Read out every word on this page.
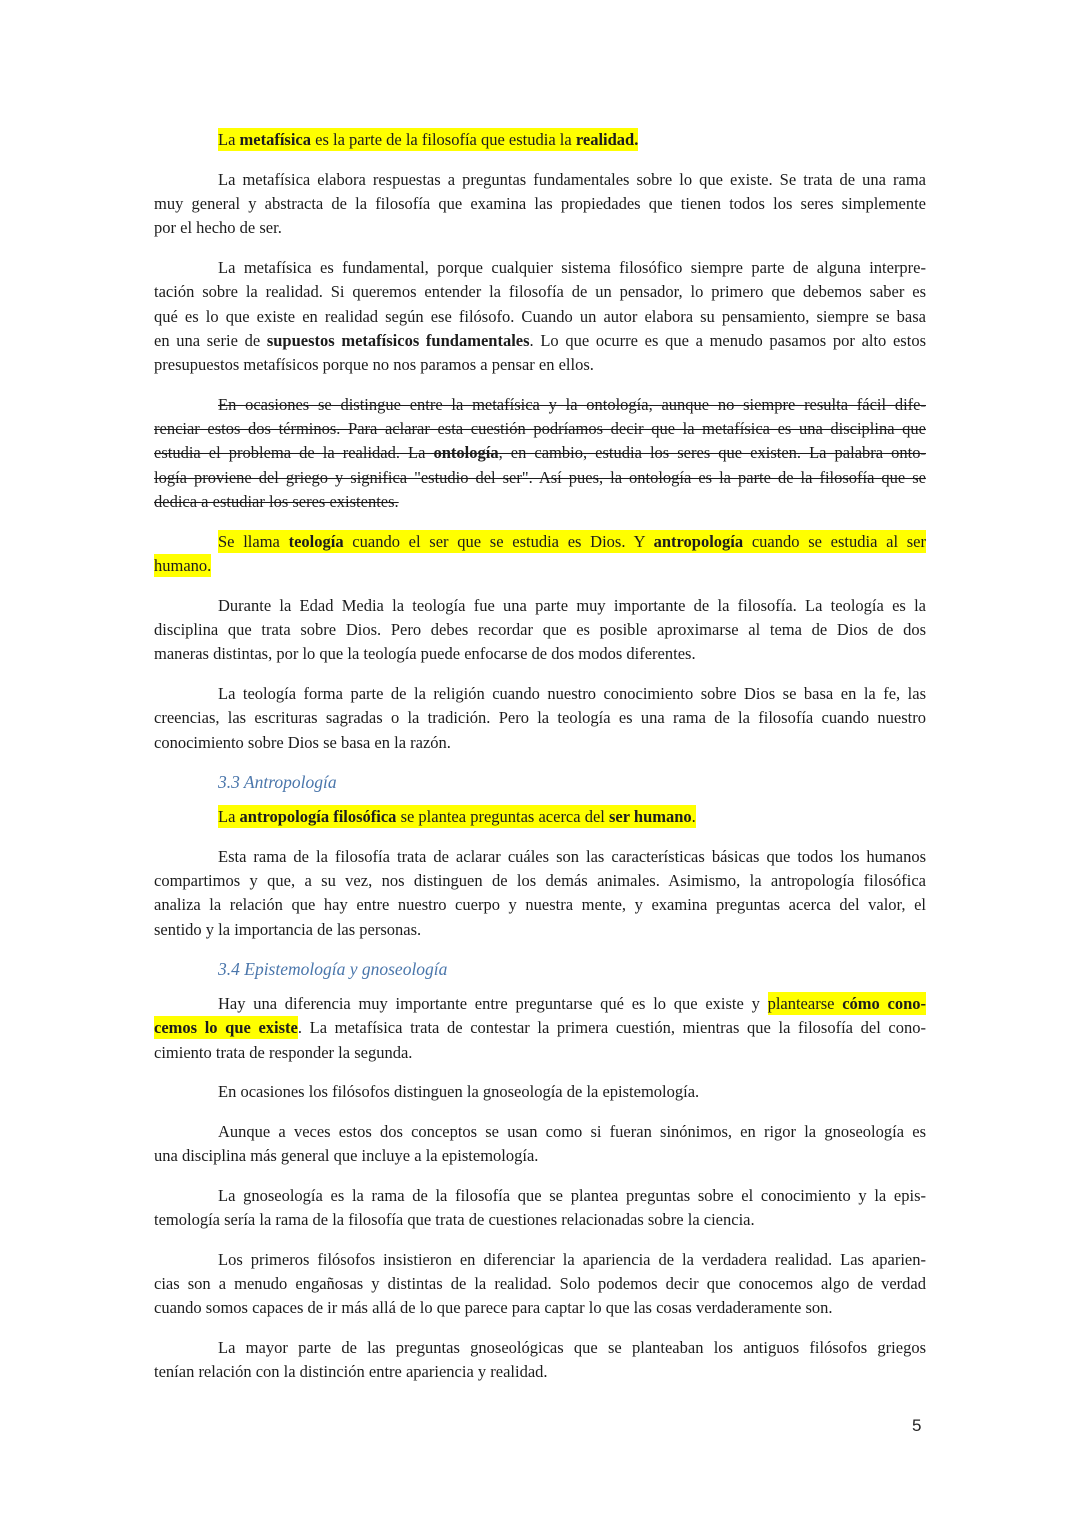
La metafísica es la parte de la filosofía que estudia la realidad.
La metafísica elabora respuestas a preguntas fundamentales sobre lo que existe. Se trata de una rama
muy general y abstracta de la filosofía que examina las propiedades que tienen todos los seres simplemente
por el hecho de ser.
La metafísica es fundamental, porque cualquier sistema filosófico siempre parte de alguna interpre-
tación sobre la realidad. Si queremos entender la filosofía de un pensador, lo primero que debemos saber es
qué es lo que existe en realidad según ese filósofo. Cuando un autor elabora su pensamiento, siempre se basa
en una serie de supuestos metafísicos fundamentales. Lo que ocurre es que a menudo pasamos por alto estos
presupuestos metafísicos porque no nos paramos a pensar en ellos.
En ocasiones se distingue entre la metafísica y la ontología, aunque no siempre resulta fácil dife-
renciar estos dos términos. Para aclarar esta cuestión podríamos decir que la metafísica es una disciplina que
estudia el problema de la realidad. La ontología, en cambio, estudia los seres que existen. La palabra onto-
logía proviene del griego y significa "estudio del ser". Así pues, la ontología es la parte de la filosofía que se
dedica a estudiar los seres existentes.
Se llama teología cuando el ser que se estudia es Dios. Y antropología cuando se estudia al ser
humano.
Durante la Edad Media la teología fue una parte muy importante de la filosofía. La teología es la
disciplina que trata sobre Dios. Pero debes recordar que es posible aproximarse al tema de Dios de dos
maneras distintas, por lo que la teología puede enfocarse de dos modos diferentes.
La teología forma parte de la religión cuando nuestro conocimiento sobre Dios se basa en la fe, las
creencias, las escrituras sagradas o la tradición. Pero la teología es una rama de la filosofía cuando nuestro
conocimiento sobre Dios se basa en la razón.
3.3 Antropología
La antropología filosófica se plantea preguntas acerca del ser humano.
Esta rama de la filosofía trata de aclarar cuáles son las características básicas que todos los humanos
compartimos y que, a su vez, nos distinguen de los demás animales. Asimismo, la antropología filosófica
analiza la relación que hay entre nuestro cuerpo y nuestra mente, y examina preguntas acerca del valor, el
sentido y la importancia de las personas.
3.4 Epistemología y gnoseología
Hay una diferencia muy importante entre preguntarse qué es lo que existe y plantearse cómo cono-
cemos lo que existe. La metafísica trata de contestar la primera cuestión, mientras que la filosofía del cono-
cimiento trata de responder la segunda.
En ocasiones los filósofos distinguen la gnoseología de la epistemología.
Aunque a veces estos dos conceptos se usan como si fueran sinónimos, en rigor la gnoseología es
una disciplina más general que incluye a la epistemología.
La gnoseología es la rama de la filosofía que se plantea preguntas sobre el conocimiento y la epis-
temología sería la rama de la filosofía que trata de cuestiones relacionadas sobre la ciencia.
Los primeros filósofos insistieron en diferenciar la apariencia de la verdadera realidad. Las aparien-
cias son a menudo engañosas y distintas de la realidad. Solo podemos decir que conocemos algo de verdad
cuando somos capaces de ir más allá de lo que parece para captar lo que las cosas verdaderamente son.
La mayor parte de las preguntas gnoseológicas que se planteaban los antiguos filósofos griegos
tenían relación con la distinción entre apariencia y realidad.
5
